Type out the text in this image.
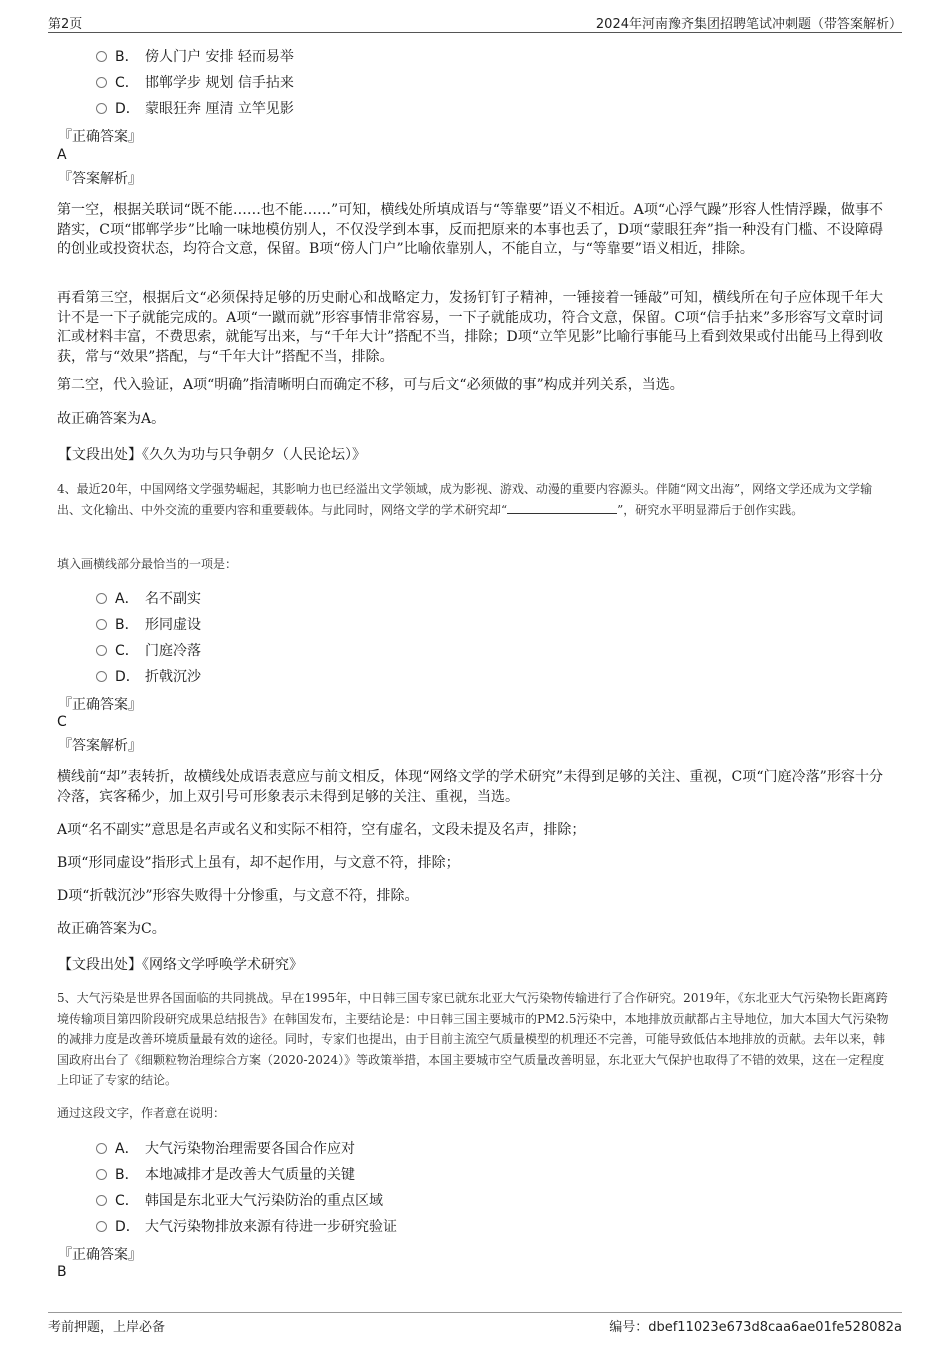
第2页	2024年河南豫齐集团招聘笔试冲刺题（带答案解析）
B． 傍人门户 安排 轻而易举
C． 邯郸学步 规划 信手拈来
D． 蒙眼狂奔 厘清 立竿见影
『正确答案』
A
『答案解析』
第一空，根据关联词“既不能……也不能……”可知，横线处所填成语与“等靠要”语义不相近。A项“心浮气躁”形容人性情浮躁，做事不踏实，C项“邯郸学步”比喻一味地模仿别人，不仅没学到本事，反而把原来的本事也丢了，D项“蒙眼狂奔”指一种没有门槛、不设障碍的创业或投资状态，均符合文意，保留。B项“傍人门户”比喻依靠别人，不能自立，与“等靠要”语义相近，排除。
再看第三空，根据后文“必须保持足够的历史耐心和战略定力，发扬钉钉子精神，一锤接着一锤敲”可知，横线所在句子应体现千年大计不是一下子就能完成的。A项“一蹴而就”形容事情非常容易，一下子就能成功，符合文意，保留。C项“信手拈来”多形容写文章时词汇或材料丰富，不费思索，就能写出来，与“千年大计”搭配不当，排除；D项“立竿见影”比喻行事能马上看到效果或付出能马上得到收获，常与“效果”搭配，与“千年大计”搭配不当，排除。
第二空，代入验证，A项“明确”指清晰明白而确定不移，可与后文“必须做的事”构成并列关系，当选。
故正确答案为A。
【文段出处】《久久为功与只争朝夕（人民论坛）》
4、最近20年，中国网络文学强势崛起，其影响力也已经溢出文学领域，成为影视、游戏、动漫的重要内容源头。伴随“网文出海”，网络文学还成为文学输出、文化输出、中外交流的重要内容和重要载体。与此同时，网络文学的学术研究却“	”，研究水平明显滞后于创作实践。
填入画横线部分最恰当的一项是：
A． 名不副实
B． 形同虚设
C． 门庭冷落
D． 折戟沉沙
『正确答案』
C
『答案解析』
横线前“却”表转折，故横线处成语表意应与前文相反，体现“网络文学的学术研究”未得到足够的关注、重视，C项“门庭冷落”形容十分冷落，宾客稀少，加上双引号可形象表示未得到足够的关注、重视，当选。
A项“名不副实”意思是名声或名义和实际不相符，空有虚名，文段未提及名声，排除；
B项“形同虚设”指形式上虽有，却不起作用，与文意不符，排除；
D项“折戟沉沙”形容失败得十分惨重，与文意不符，排除。
故正确答案为C。
【文段出处】《网络文学呼唤学术研究》
5、大气污染是世界各国面临的共同挑战。早在1995年，中日韩三国专家已就东北亚大气污染物传输进行了合作研究。2019年，《东北亚大气污染物长距离跨境传输项目第四阶段研究成果总结报告》在韩国发布，主要结论是：中日韩三国主要城市的PM2.5污染中，本地排放贡献都占主导地位，加大本国大气污染物的减排力度是改善环境质量最有效的途径。同时，专家们也提出，由于目前主流空气质量模型的机理还不完善，可能导致低估本地排放的贡献。去年以来，韩国政府出台了《细颗粒物治理综合方案（2020-2024）》等政策举措，本国主要城市空气质量改善明显，东北亚大气保护也取得了不错的效果，这在一定程度上印证了专家的结论。
通过这段文字，作者意在说明：
A． 大气污染物治理需要各国合作应对
B． 本地减排才是改善大气质量的关键
C． 韩国是东北亚大气污染防治的重点区域
D． 大气污染物排放来源有待进一步研究验证
『正确答案』
B
考前押题，上岸必备	编号：dbef11023e673d8caa6ae01fe528082a
